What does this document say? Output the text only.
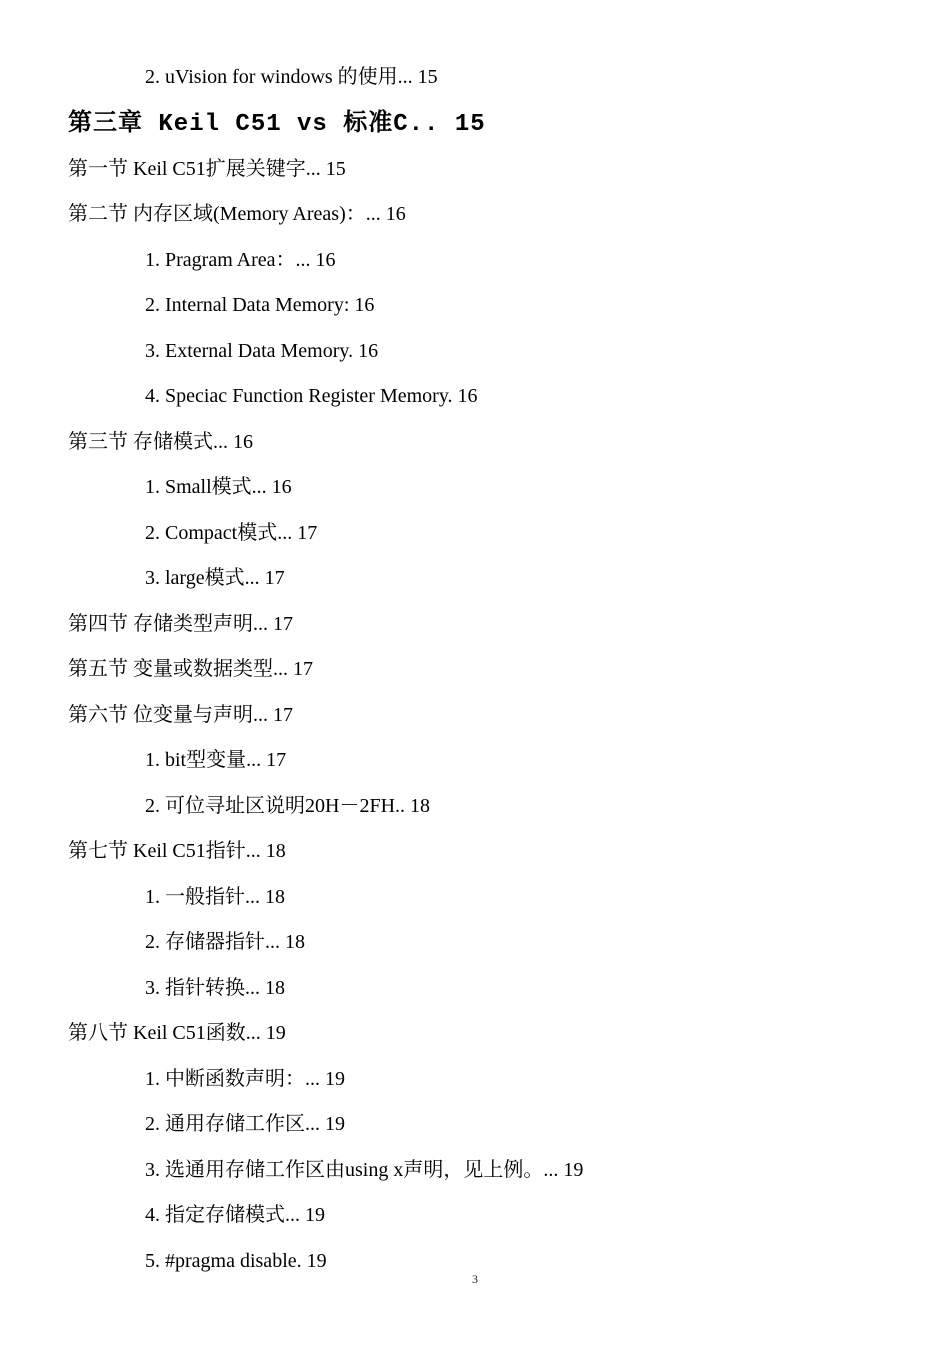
2. uVision for windows 的使用... 15
第三章 Keil C51 vs 标准C.. 15
第一节 Keil C51扩展关键字... 15
第二节 内存区域(Memory Areas)：... 16
1. Pragram Area：... 16
2. Internal Data Memory: 16
3. External Data Memory. 16
4. Speciac Function Register Memory. 16
第三节 存储模式... 16
1. Small模式... 16
2. Compact模式... 17
3. large模式... 17
第四节 存储类型声明... 17
第五节 变量或数据类型... 17
第六节 位变量与声明... 17
1. bit型变量... 17
2. 可位寻址区说明20H－2FH.. 18
第七节 Keil C51指针... 18
1. 一般指针... 18
2. 存储器指针... 18
3. 指针转换... 18
第八节 Keil C51函数... 19
1. 中断函数声明：... 19
2. 通用存储工作区... 19
3. 选通用存储工作区由using x声明，见上例。... 19
4. 指定存储模式... 19
5. #pragma disable. 19
3
